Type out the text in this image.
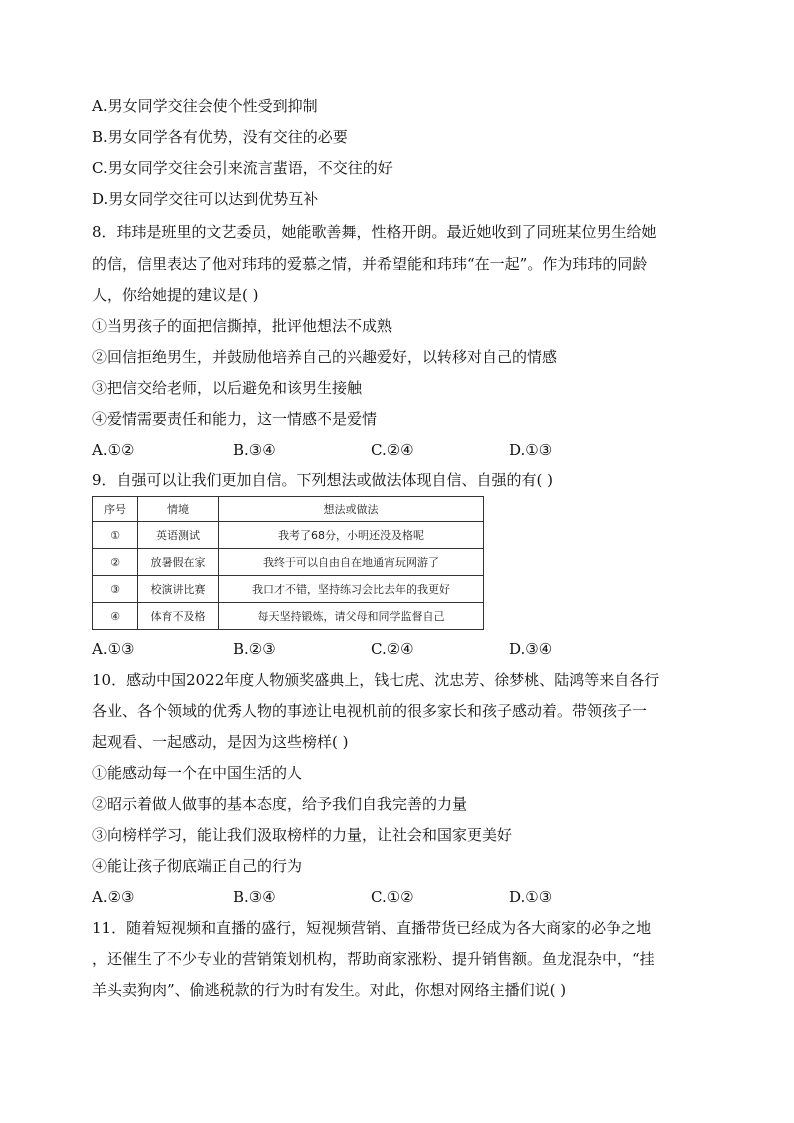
A.男女同学交往会使个性受到抑制
B.男女同学各有优势，没有交往的必要
C.男女同学交往会引来流言蜚语，不交往的好
D.男女同学交往可以达到优势互补
8．玮玮是班里的文艺委员，她能歌善舞，性格开朗。最近她收到了同班某位男生给她
的信，信里表达了他对玮玮的爱慕之情，并希望能和玮玮“在一起”。作为玮玮的同龄
人，你给她提的建议是( )
①当男孩子的面把信撕掉，批评他想法不成熟
②回信拒绝男生，并鼓励他培养自己的兴趣爱好，以转移对自己的情感
③把信交给老师，以后避免和该男生接触
④爱情需要责任和能力，这一情感不是爱情
A.①②	B.③④	C.②④	D.①③
9．自强可以让我们更加自信。下列想法或做法体现自信、自强的有( )
序号	情境	想法或做法
①	英语测试	我考了68分，小明还没及格呢
②	放暑假在家	我终于可以自由自在地通宵玩网游了
③	校演讲比赛	我口才不错，坚持练习会比去年的我更好
④	体育不及格	每天坚持锻炼，请父母和同学监督自己
A.①③	B.②③	C.②④	D.③④
10．感动中国2022年度人物颁奖盛典上，钱七虎、沈忠芳、徐梦桃、陆鸿等来自各行
各业、各个领域的优秀人物的事迹让电视机前的很多家长和孩子感动着。带领孩子一
起观看、一起感动，是因为这些榜样( )
①能感动每一个在中国生活的人
②昭示着做人做事的基本态度，给予我们自我完善的力量
③向榜样学习，能让我们汲取榜样的力量，让社会和国家更美好
④能让孩子彻底端正自己的行为
A.②③	B.③④	C.①②	D.①③
11．随着短视频和直播的盛行，短视频营销、直播带货已经成为各大商家的必争之地
，还催生了不少专业的营销策划机构，帮助商家涨粉、提升销售额。鱼龙混杂中，“挂
羊头卖狗肉”、偷逃税款的行为时有发生。对此，你想对网络主播们说( )
